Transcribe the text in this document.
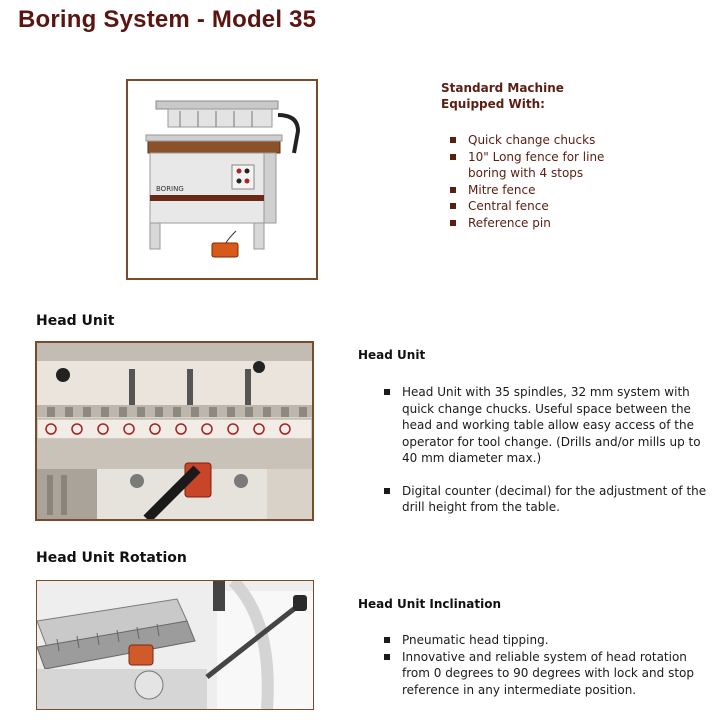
Boring System - Model 35
BORING
Standard Machine Equipped With:
Quick change chucks
10" Long fence for line boring with 4 stops
Mitre fence
Central fence
Reference pin
Head Unit
Head Unit
Head Unit with 35 spindles, 32 mm system with quick change chucks. Useful space between the head and working table allow easy access of the operator for tool change. (Drills and/or mills up to 40 mm diameter max.)
Digital counter (decimal) for the adjustment of the drill height from the table.
Head Unit Rotation
Head Unit Inclination
Pneumatic head tipping.
Innovative and reliable system of head rotation from 0 degrees to 90 degrees with lock and stop reference in any intermediate position.
